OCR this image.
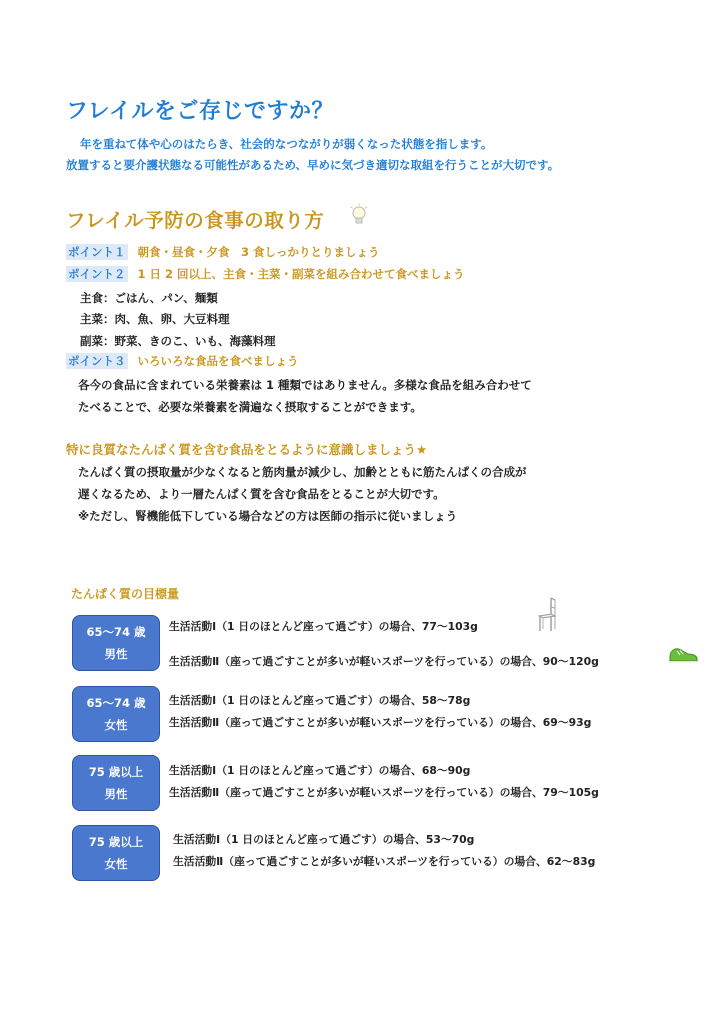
フレイルをご存じですか？
年を重ねて体や心のはたらき、社会的なつながりが弱くなった状態を指します。
放置すると要介護状態なる可能性があるため、早めに気づき適切な取組を行うことが大切です。
フレイル予防の食事の取り方
ポイント１ 朝食・昼食・夕食　3 食しっかりとりましょう
ポイント２ 1 日 2 回以上、主食・主菜・副菜を組み合わせて食べましょう
主食：ごはん、パン、麺類
主菜：肉、魚、卵、大豆料理
副菜：野菜、きのこ、いも、海藻料理
ポイント３ いろいろな食品を食べましょう
各今の食品に含まれている栄養素は 1 種類ではありません。多様な食品を組み合わせて
たべることで、必要な栄養素を満遍なく摂取することができます。
特に良質なたんぱく質を含む食品をとるように意識しましょう★
たんぱく質の摂取量が少なくなると筋肉量が減少し、加齢とともに筋たんぱくの合成が
遅くなるため、より一層たんぱく質を含む食品をとることが大切です。
※ただし、腎機能低下している場合などの方は医師の指示に従いましょう
たんぱく質の目標量
65～74 歳
男性
生活活動Ⅰ（1 日のほとんど座って過ごす）の場合、77～103g
生活活動Ⅱ（座って過ごすことが多いが軽いスポーツを行っている）の場合、90～120g
65～74 歳
女性
生活活動Ⅰ（1 日のほとんど座って過ごす）の場合、58～78g
生活活動Ⅱ（座って過ごすことが多いが軽いスポーツを行っている）の場合、69～93g
75 歳以上
男性
生活活動Ⅰ（1 日のほとんど座って過ごす）の場合、68～90g
生活活動Ⅱ（座って過ごすことが多いが軽いスポーツを行っている）の場合、79～105g
75 歳以上
女性
生活活動Ⅰ（1 日のほとんど座って過ごす）の場合、53～70g
生活活動Ⅱ（座って過ごすことが多いが軽いスポーツを行っている）の場合、62～83g
